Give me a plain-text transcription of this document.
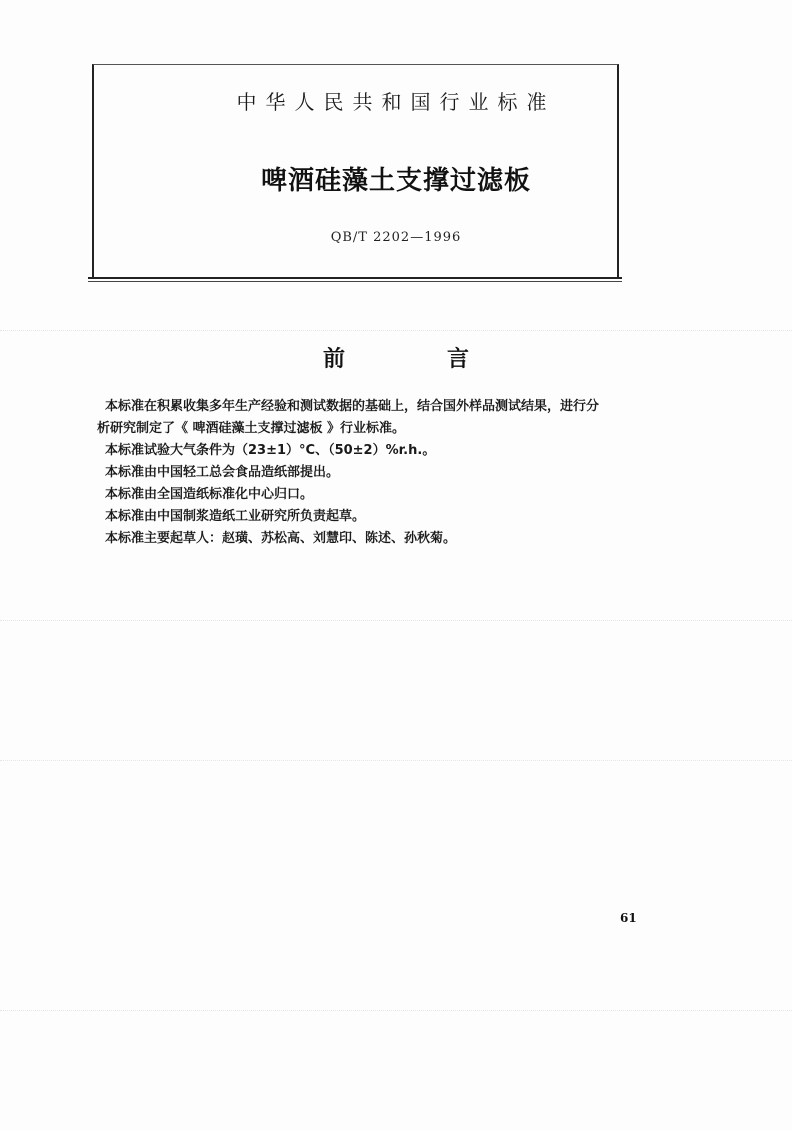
中华人民共和国行业标准
啤酒硅藻土支撑过滤板
QB/T 2202—1996
前　言

本标准在积累收集多年生产经验和测试数据的基础上，结合国外样品测试结果，进行分

析研究制定了《 啤酒硅藻土支撑过滤板 》行业标准。

本标准试验大气条件为（23±1）°C、（50±2）%r.h.。

本标准由中国轻工总会食品造纸部提出。

本标准由全国造纸标准化中心归口。

本标准由中国制浆造纸工业研究所负责起草。

本标准主要起草人：赵璜、苏松高、刘慧印、陈述、孙秋菊。

61
